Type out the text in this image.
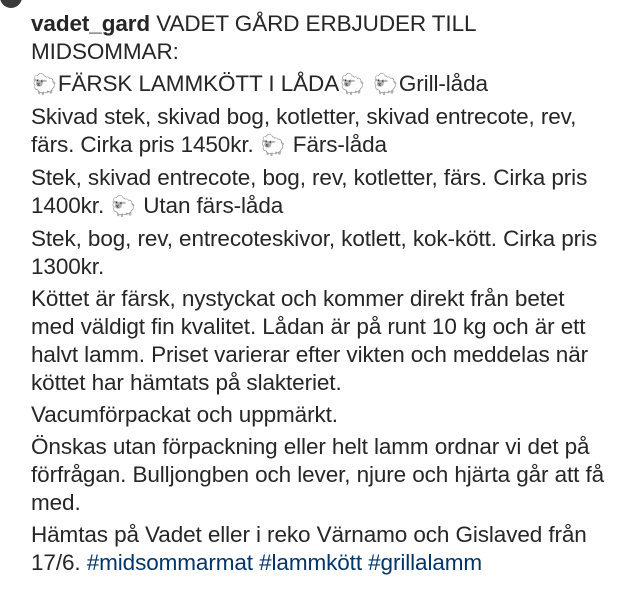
vadet_gard VADET GÅRD ERBJUDER TILL MIDSOMMAR:

🐑FÄRSK LAMMKÖTT I LÅDA🐑 🐑Grill-låda

Skivad stek, skivad bog, kotletter, skivad entrecote, rev, färs. Cirka pris 1450kr. 🐑 Färs-låda

Stek, skivad entrecote, bog, rev, kotletter, färs. Cirka pris 1400kr. 🐑 Utan färs-låda

Stek, bog, rev, entrecoteskivor, kotlett, kok-kött. Cirka pris 1300kr.

Köttet är färsk, nystyckat och kommer direkt från betet med väldigt fin kvalitet. Lådan är på runt 10 kg och är ett halvt lamm. Priset varierar efter vikten och meddelas när köttet har hämtats på slakteriet.

Vacumförpackat och uppmärkt.

Önskas utan förpackning eller helt lamm ordnar vi det på förfrågan. Bulljongben och lever, njure och hjärta går att få med.

Hämtas på Vadet eller i reko Värnamo och Gislaved från 17/6. #midsommarmat #lammkött #grillalamm
